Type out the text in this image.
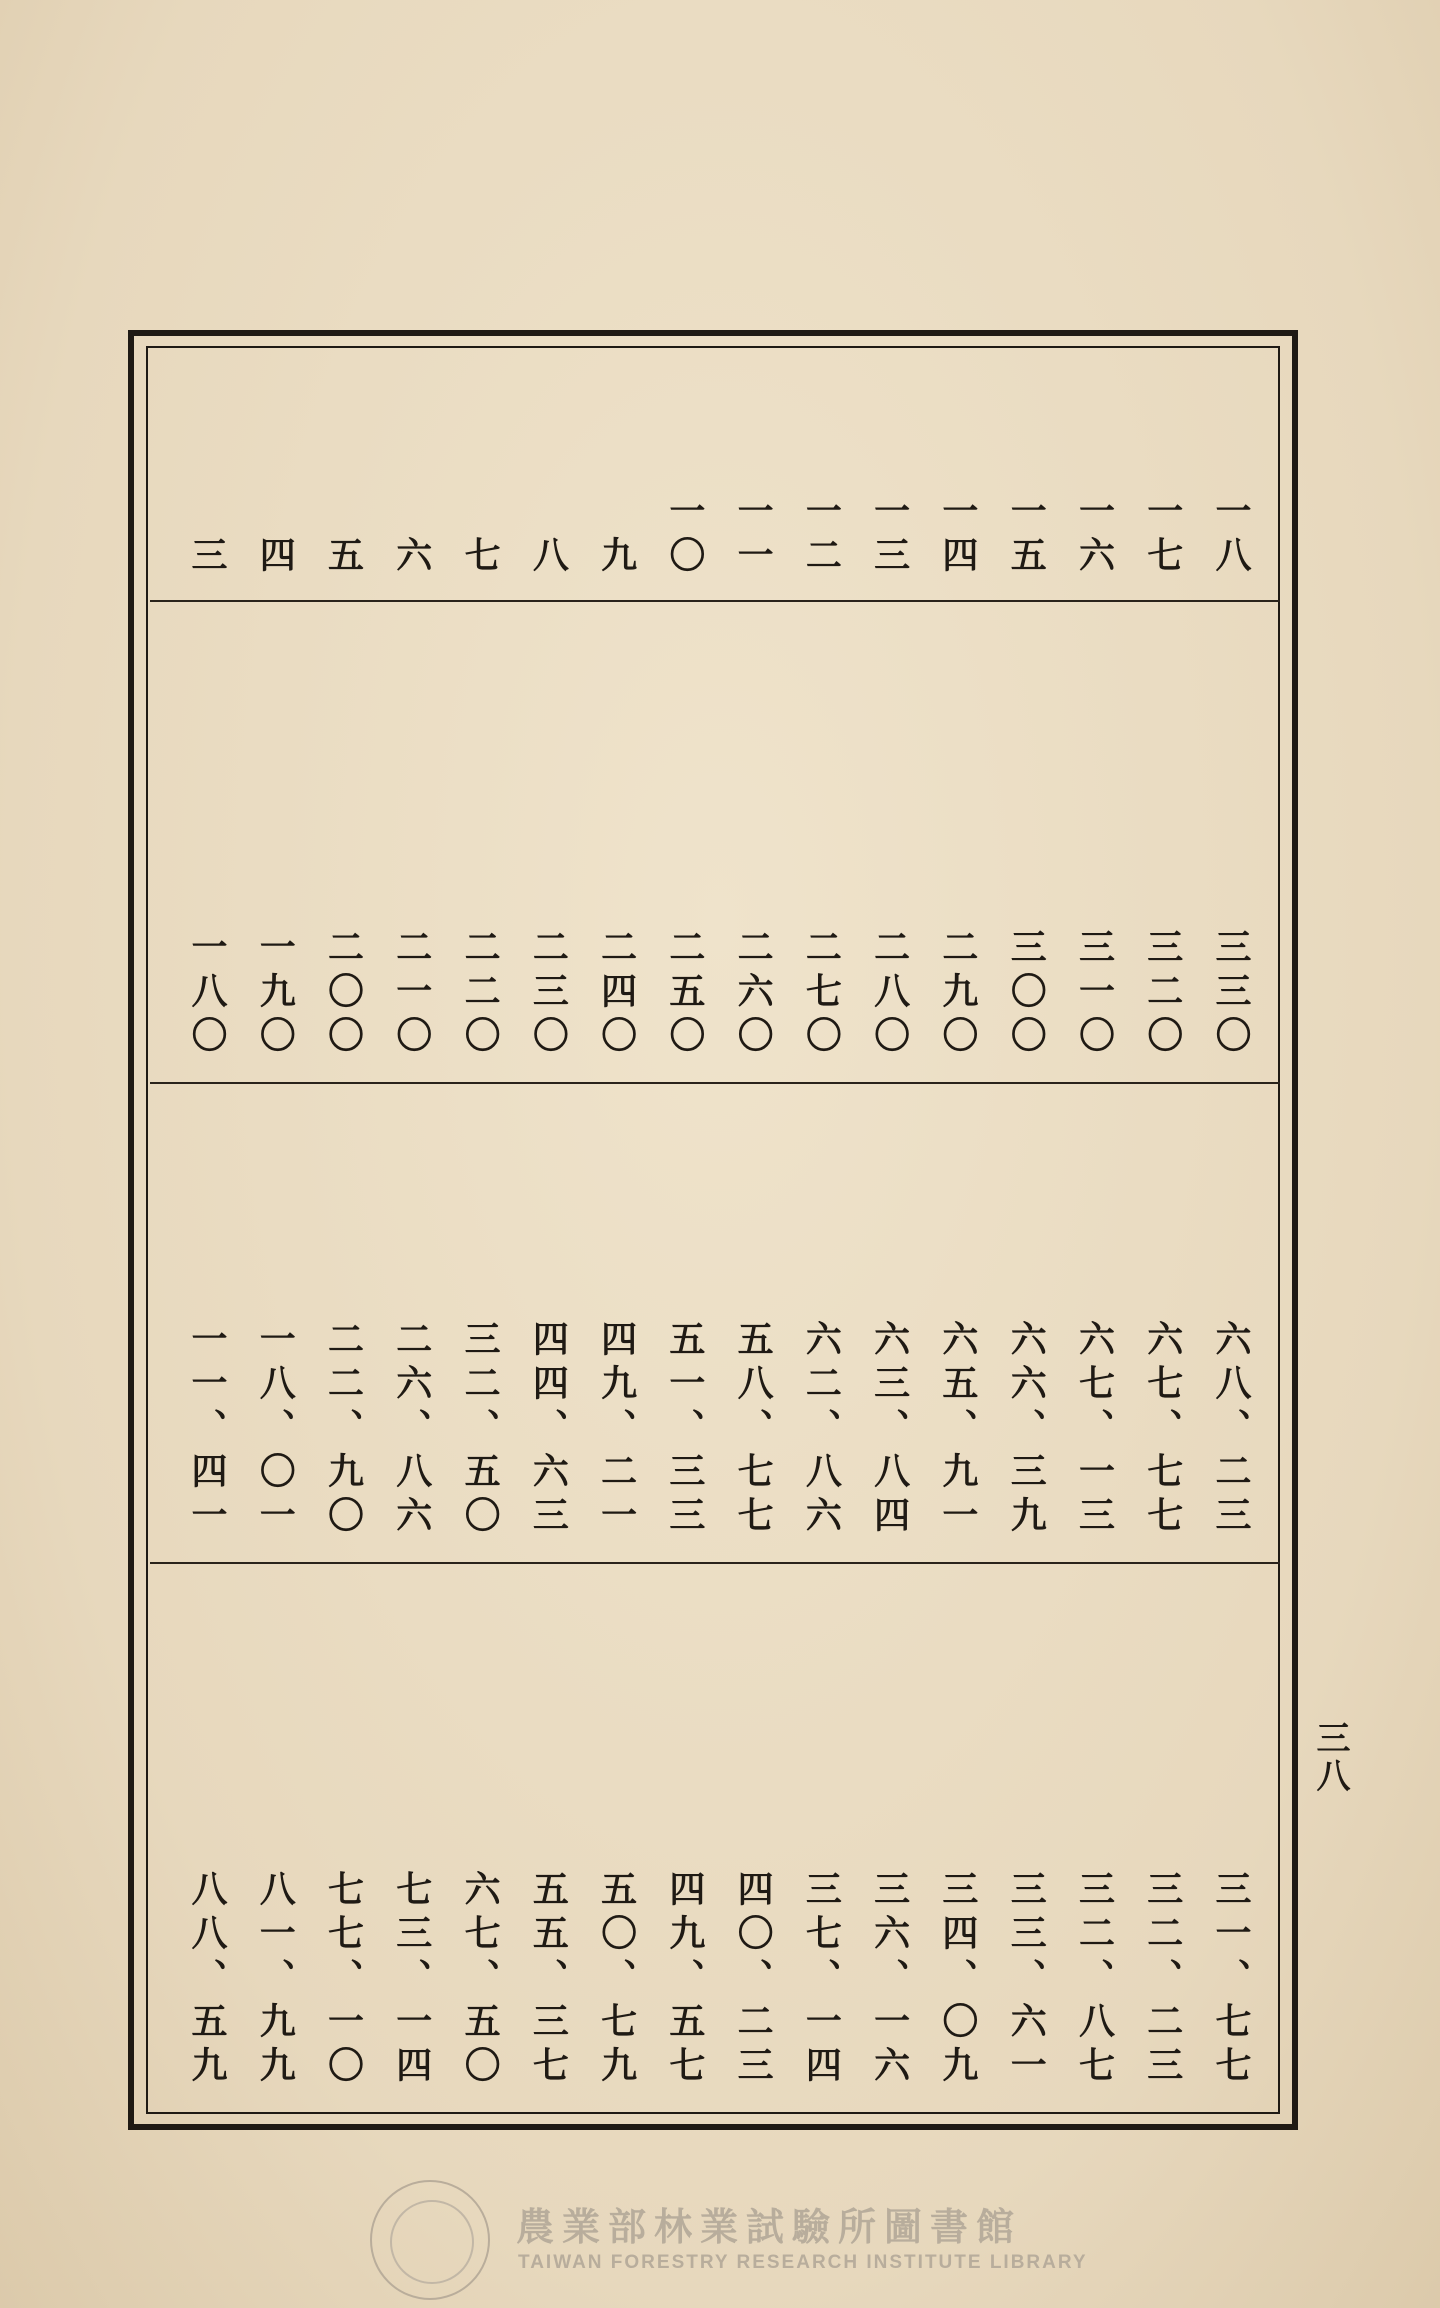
一八
一七
一六
一五
一四
一三
一二
一一
一〇
九
八
七
六
五
四
三
三三〇
三二〇
三一〇
三〇〇
二九〇
二八〇
二七〇
二六〇
二五〇
二四〇
二三〇
二二〇
二一〇
二〇〇
一九〇
一八〇
六八、二三
六七、七七
六七、一三
六六、三九
六五、九一
六三、八四
六二、八六
五八、七七
五一、三三
四九、二一
四四、六三
三二、五〇
二六、八六
二二、九〇
一八、〇一
一一、四一
三一、七七
三二、二三
三二、八七
三三、六一
三四、〇九
三六、一六
三七、一四
四〇、二三
四九、五七
五〇、七九
五五、三七
六七、五〇
七三、一四
七七、一〇
八一、九九
八八、五九
三八
農業部林業試驗所圖書館
TAIWAN FORESTRY RESEARCH INSTITUTE LIBRARY
